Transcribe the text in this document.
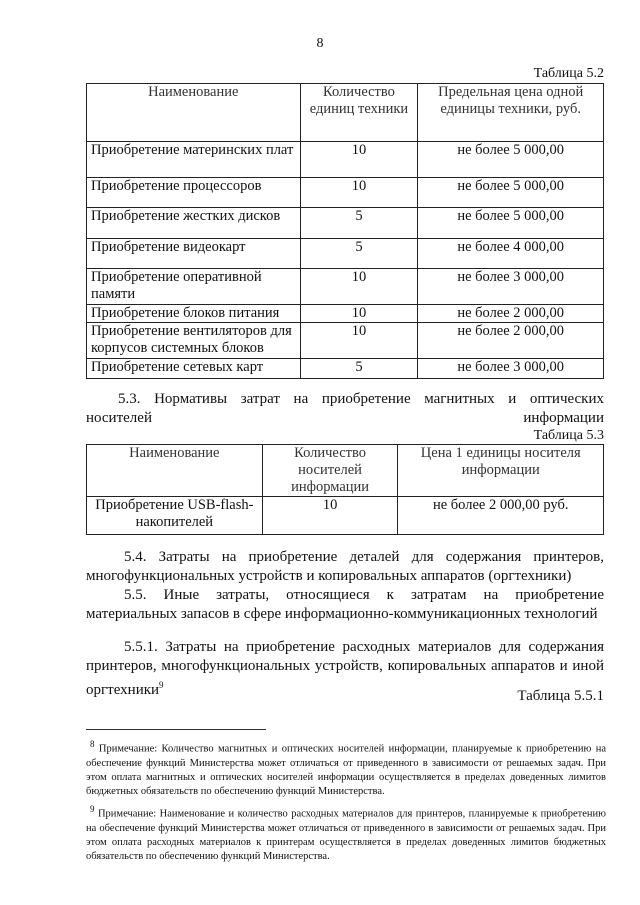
8
Таблица 5.2
Наименование	Количество единиц техники	Предельная цена одной единицы техники, руб.
Приобретение материнских плат	10	не более 5 000,00
Приобретение процессоров	10	не более 5 000,00
Приобретение жестких дисков	5	не более 5 000,00
Приобретение видеокарт	5	не более 4 000,00
Приобретение оперативной памяти	10	не более 3 000,00
Приобретение блоков питания	10	не более 2 000,00
Приобретение вентиляторов для корпусов системных блоков	10	не более 2 000,00
Приобретение сетевых карт	5	не более 3 000,00
5.3. Нормативы затрат на приобретение магнитных и оптических носителей информации
Таблица 5.3
Наименование	Количество носителей информации	Цена 1 единицы носителя информации
Приобретение USB-flash-накопителей	10	не более 2 000,00 руб.
5.4. Затраты на приобретение деталей для содержания принтеров, многофункциональных устройств и копировальных аппаратов (оргтехники)
5.5. Иные затраты, относящиеся к затратам на приобретение материальных запасов в сфере информационно-коммуникационных технологий
5.5.1. Затраты на приобретение расходных материалов для содержания принтеров, многофункциональных устройств, копировальных аппаратов и иной оргтехники$^9$
Таблица 5.5.1
$^8$ Примечание: Количество магнитных и оптических носителей информации, планируемые к приобретению на обеспечение функций Министерства может отличаться от приведенного в зависимости от решаемых задач. При этом оплата магнитных и оптических носителей информации осуществляется в пределах доведенных лимитов бюджетных обязательств по обеспечению функций Министерства.
$^9$ Примечание: Наименование и количество расходных материалов для принтеров, планируемые к приобретению на обеспечение функций Министерства может отличаться от приведенного в зависимости от решаемых задач. При этом оплата расходных материалов к принтерам осуществляется в пределах доведенных лимитов бюджетных обязательств по обеспечению функций Министерства.
